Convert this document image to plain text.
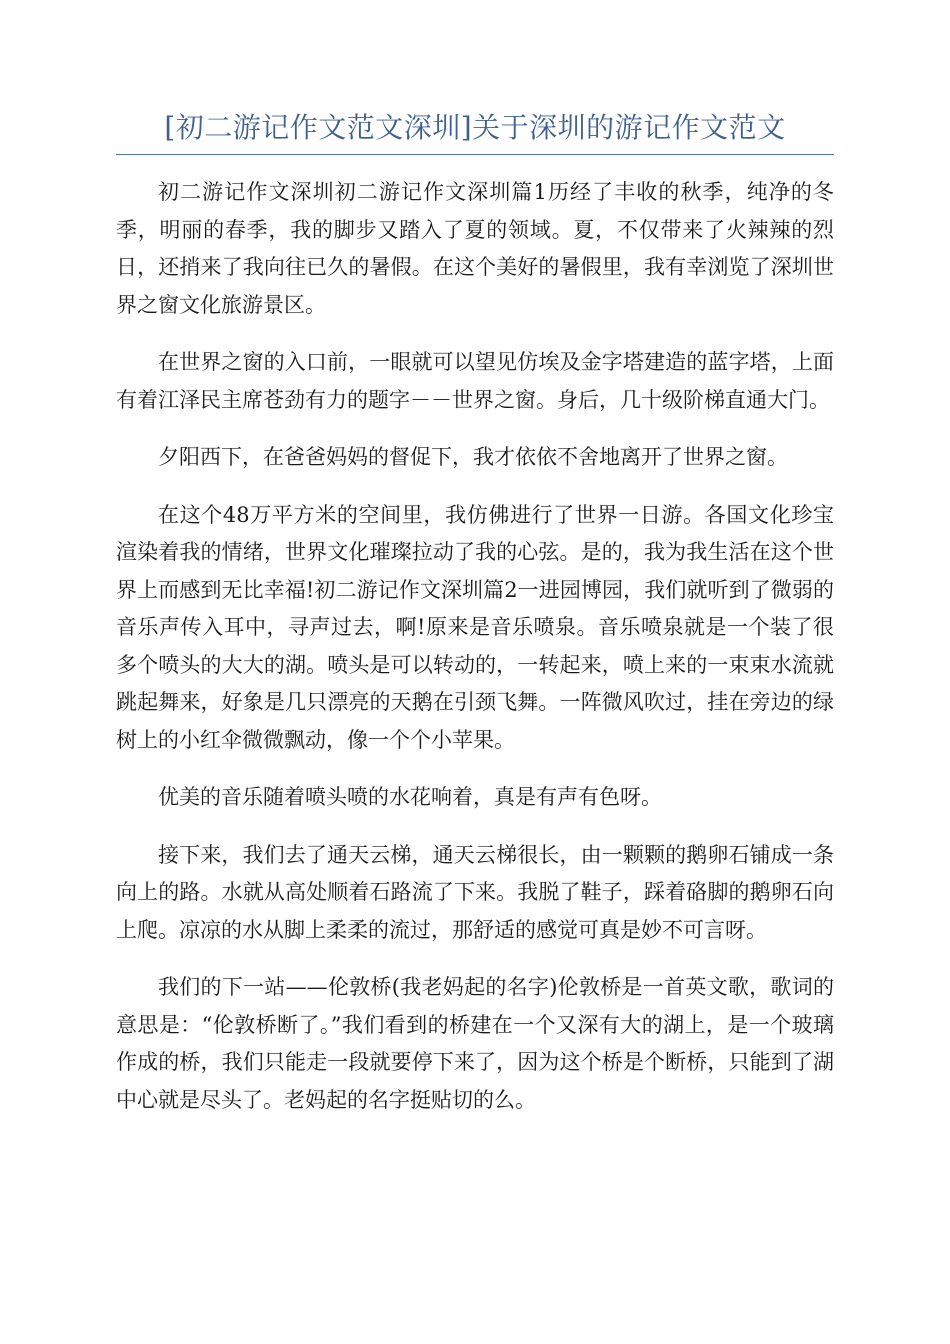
[初二游记作文范文深圳]关于深圳的游记作文范文

初二游记作文深圳初二游记作文深圳篇1历经了丰收的秋季，纯净的冬季，明丽的春季，我的脚步又踏入了夏的领域。夏，不仅带来了火辣辣的烈日，还捎来了我向往已久的暑假。在这个美好的暑假里，我有幸浏览了深圳世界之窗文化旅游景区。

在世界之窗的入口前，一眼就可以望见仿埃及金字塔建造的蓝字塔，上面有着江泽民主席苍劲有力的题字－－世界之窗。身后，几十级阶梯直通大门。

夕阳西下，在爸爸妈妈的督促下，我才依依不舍地离开了世界之窗。

在这个48万平方米的空间里，我仿佛进行了世界一日游。各国文化珍宝渲染着我的情绪，世界文化璀璨拉动了我的心弦。是的，我为我生活在这个世界上而感到无比幸福!初二游记作文深圳篇2一进园博园，我们就听到了微弱的音乐声传入耳中，寻声过去，啊!原来是音乐喷泉。音乐喷泉就是一个装了很多个喷头的大大的湖。喷头是可以转动的，一转起来，喷上来的一束束水流就跳起舞来，好象是几只漂亮的天鹅在引颈飞舞。一阵微风吹过，挂在旁边的绿树上的小红伞微微飘动，像一个个小苹果。

优美的音乐随着喷头喷的水花响着，真是有声有色呀。

接下来，我们去了通天云梯，通天云梯很长，由一颗颗的鹅卵石铺成一条向上的路。水就从高处顺着石路流了下来。我脱了鞋子，踩着硌脚的鹅卵石向上爬。凉凉的水从脚上柔柔的流过，那舒适的感觉可真是妙不可言呀。

我们的下一站——伦敦桥(我老妈起的名字)伦敦桥是一首英文歌，歌词的意思是：“伦敦桥断了。”我们看到的桥建在一个又深有大的湖上，是一个玻璃作成的桥，我们只能走一段就要停下来了，因为这个桥是个断桥，只能到了湖中心就是尽头了。老妈起的名字挺贴切的么。
